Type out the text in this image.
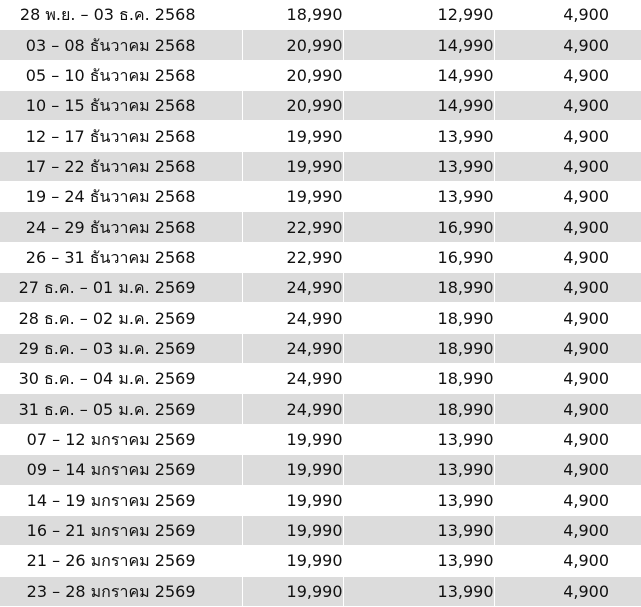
28 พ.ย. – 03 ธ.ค. 2568	18,990	12,990	4,900
03 – 08 ธันวาคม 2568	20,990	14,990	4,900
05 – 10 ธันวาคม 2568	20,990	14,990	4,900
10 – 15 ธันวาคม 2568	20,990	14,990	4,900
12 – 17 ธันวาคม 2568	19,990	13,990	4,900
17 – 22 ธันวาคม 2568	19,990	13,990	4,900
19 – 24 ธันวาคม 2568	19,990	13,990	4,900
24 – 29 ธันวาคม 2568	22,990	16,990	4,900
26 – 31 ธันวาคม 2568	22,990	16,990	4,900
27 ธ.ค. – 01 ม.ค. 2569	24,990	18,990	4,900
28 ธ.ค. – 02 ม.ค. 2569	24,990	18,990	4,900
29 ธ.ค. – 03 ม.ค. 2569	24,990	18,990	4,900
30 ธ.ค. – 04 ม.ค. 2569	24,990	18,990	4,900
31 ธ.ค. – 05 ม.ค. 2569	24,990	18,990	4,900
07 – 12 มกราคม 2569	19,990	13,990	4,900
09 – 14 มกราคม 2569	19,990	13,990	4,900
14 – 19 มกราคม 2569	19,990	13,990	4,900
16 – 21 มกราคม 2569	19,990	13,990	4,900
21 – 26 มกราคม 2569	19,990	13,990	4,900
23 – 28 มกราคม 2569	19,990	13,990	4,900
